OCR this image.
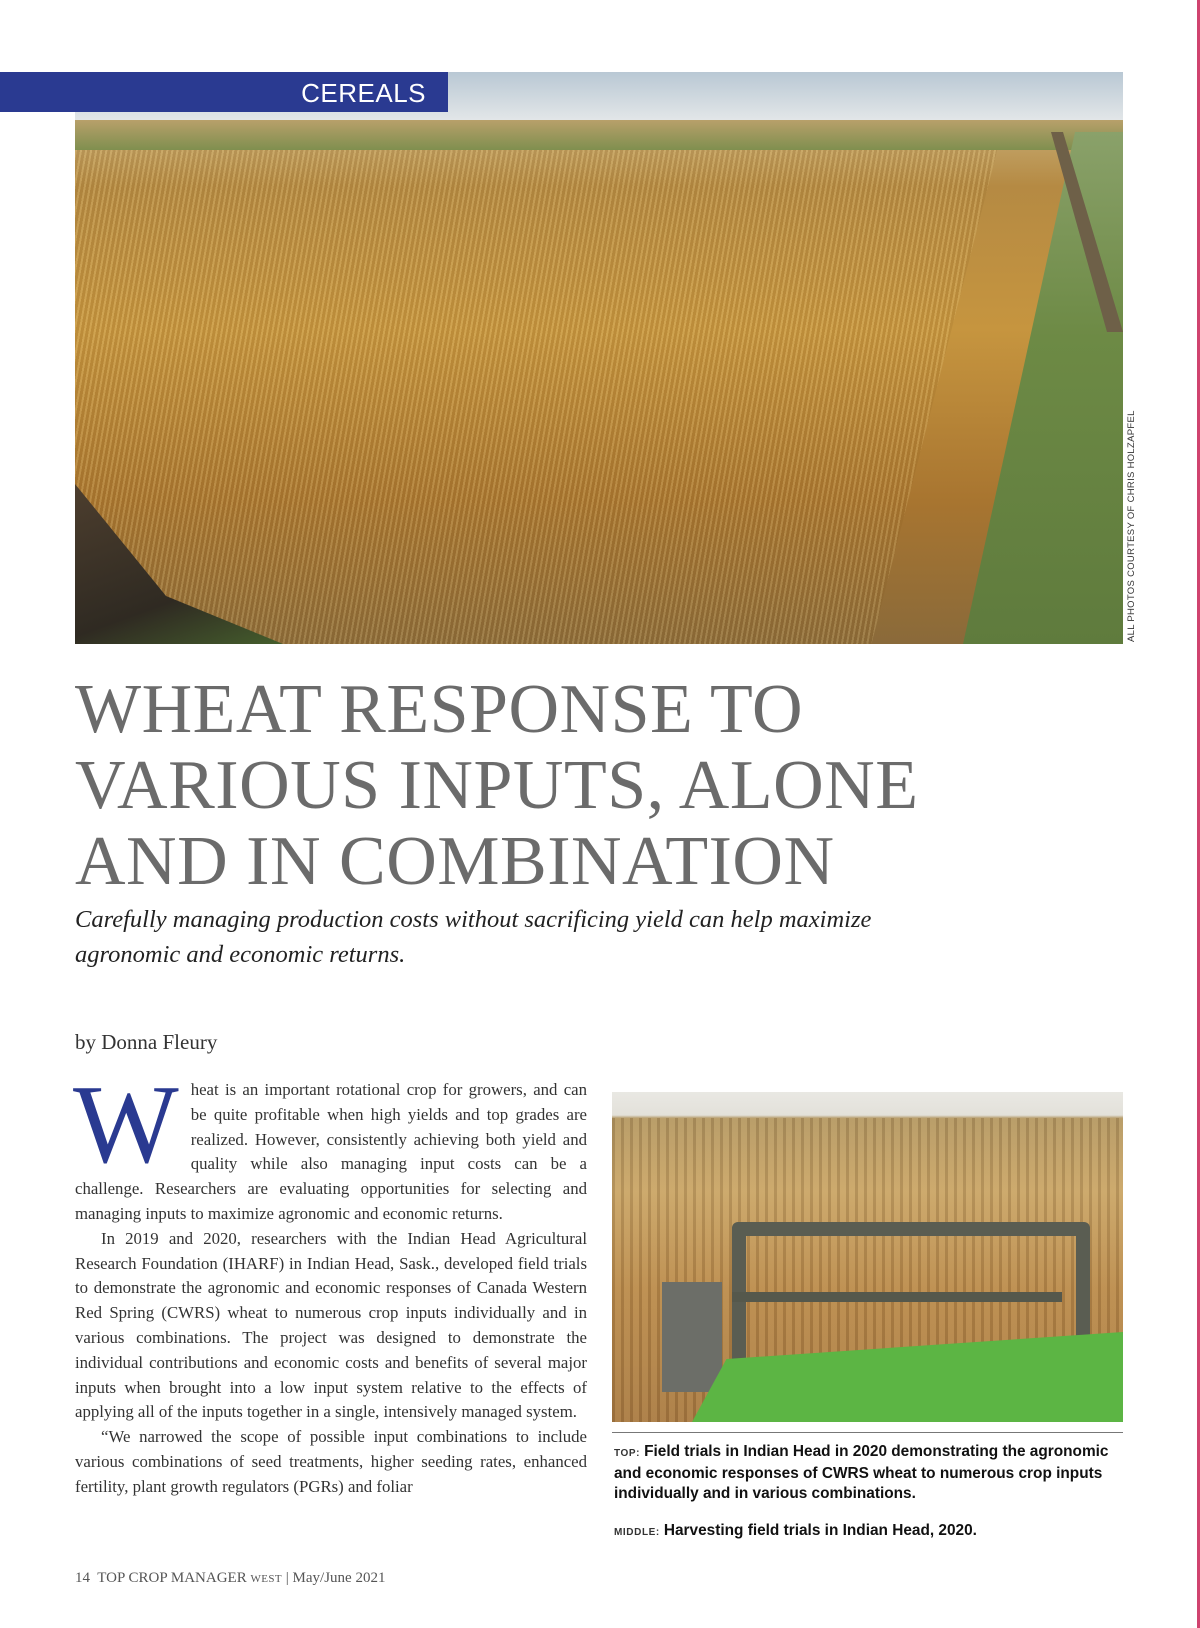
CEREALS
ALL PHOTOS COURTESY OF CHRIS HOLZAPFEL
WHEAT RESPONSE TO VARIOUS INPUTS, ALONE AND IN COMBINATION

Carefully managing production costs without sacrificing yield can help maximize agronomic and economic returns.

by Donna Fleury

Wheat is an important rotational crop for growers, and can be quite profitable when high yields and top grades are realized. However, consistently achieving both yield and quality while also managing input costs can be a challenge. Researchers are evaluating opportunities for selecting and managing inputs to maximize agronomic and economic returns.

In 2019 and 2020, researchers with the Indian Head Agricultural Research Foundation (IHARF) in Indian Head, Sask., developed field trials to demonstrate the agronomic and economic responses of Canada Western Red Spring (CWRS) wheat to numerous crop inputs individually and in various combinations. The project was designed to demonstrate the individual contributions and economic costs and benefits of several major inputs when brought into a low input system relative to the effects of applying all of the inputs together in a single, intensively managed system.

“We narrowed the scope of possible input combinations to include various combinations of seed treatments, higher seeding rates, enhanced fertility, plant growth regulators (PGRs) and foliar

TOP: Field trials in Indian Head in 2020 demonstrating the agronomic and economic responses of CWRS wheat to numerous crop inputs individually and in various combinations.

MIDDLE: Harvesting field trials in Indian Head, 2020.

14 TOP CROP MANAGER WEST | May/June 2021
